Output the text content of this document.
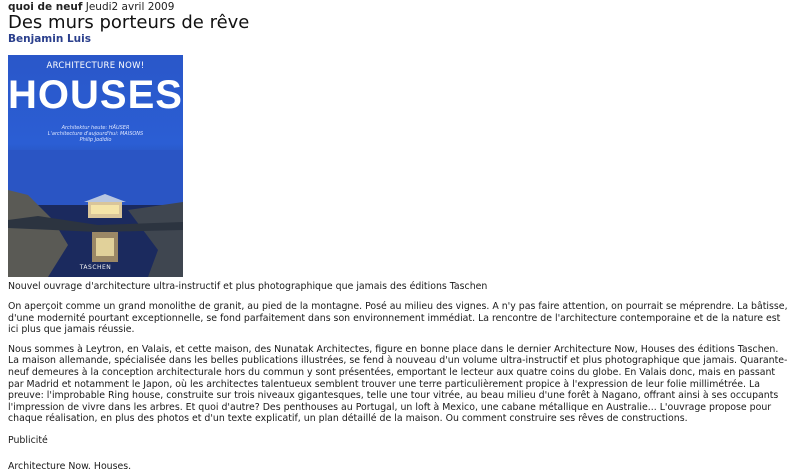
quoi de neuf Jeudi2 avril 2009
Des murs porteurs de rêve
Benjamin Luis
ARCHITECTURE NOW!
HOUSES
Architektur heute: HÄUSER
L'architecture d'aujourd'hui: MAISONS
Philip Jodidio
TASCHEN
Nouvel ouvrage d'architecture ultra-instructif et plus photographique que jamais des éditions Taschen

On aperçoit comme un grand monolithe de granit, au pied de la montagne. Posé au milieu des vignes. A n'y pas faire attention, on pourrait se méprendre. La bâtisse, d'une modernité pourtant exceptionnelle, se fond parfaitement dans son environnement immédiat. La rencontre de l'architecture contemporaine et de la nature est ici plus que jamais réussie.

Nous sommes à Leytron, en Valais, et cette maison, des Nunatak Architectes, figure en bonne place dans le dernier Architecture Now, Houses des éditions Taschen. La maison allemande, spécialisée dans les belles publications illustrées, se fend à nouveau d'un volume ultra-instructif et plus photographique que jamais. Quarante-neuf demeures à la conception architecturale hors du commun y sont présentées, emportant le lecteur aux quatre coins du globe. En Valais donc, mais en passant par Madrid et notamment le Japon, où les architectes talentueux semblent trouver une terre particulièrement propice à l'expression de leur folie millimétrée. La preuve: l'improbable Ring house, construite sur trois niveaux gigantesques, telle une tour vitrée, au beau milieu d'une forêt à Nagano, offrant ainsi à ses occupants l'impression de vivre dans les arbres. Et quoi d'autre? Des penthouses au Portugal, un loft à Mexico, une cabane métallique en Australie... L'ouvrage propose pour chaque réalisation, en plus des photos et d'un texte explicatif, un plan détaillé de la maison. Ou comment construire ses rêves de constructions.

Publicité
Architecture Now. Houses.
